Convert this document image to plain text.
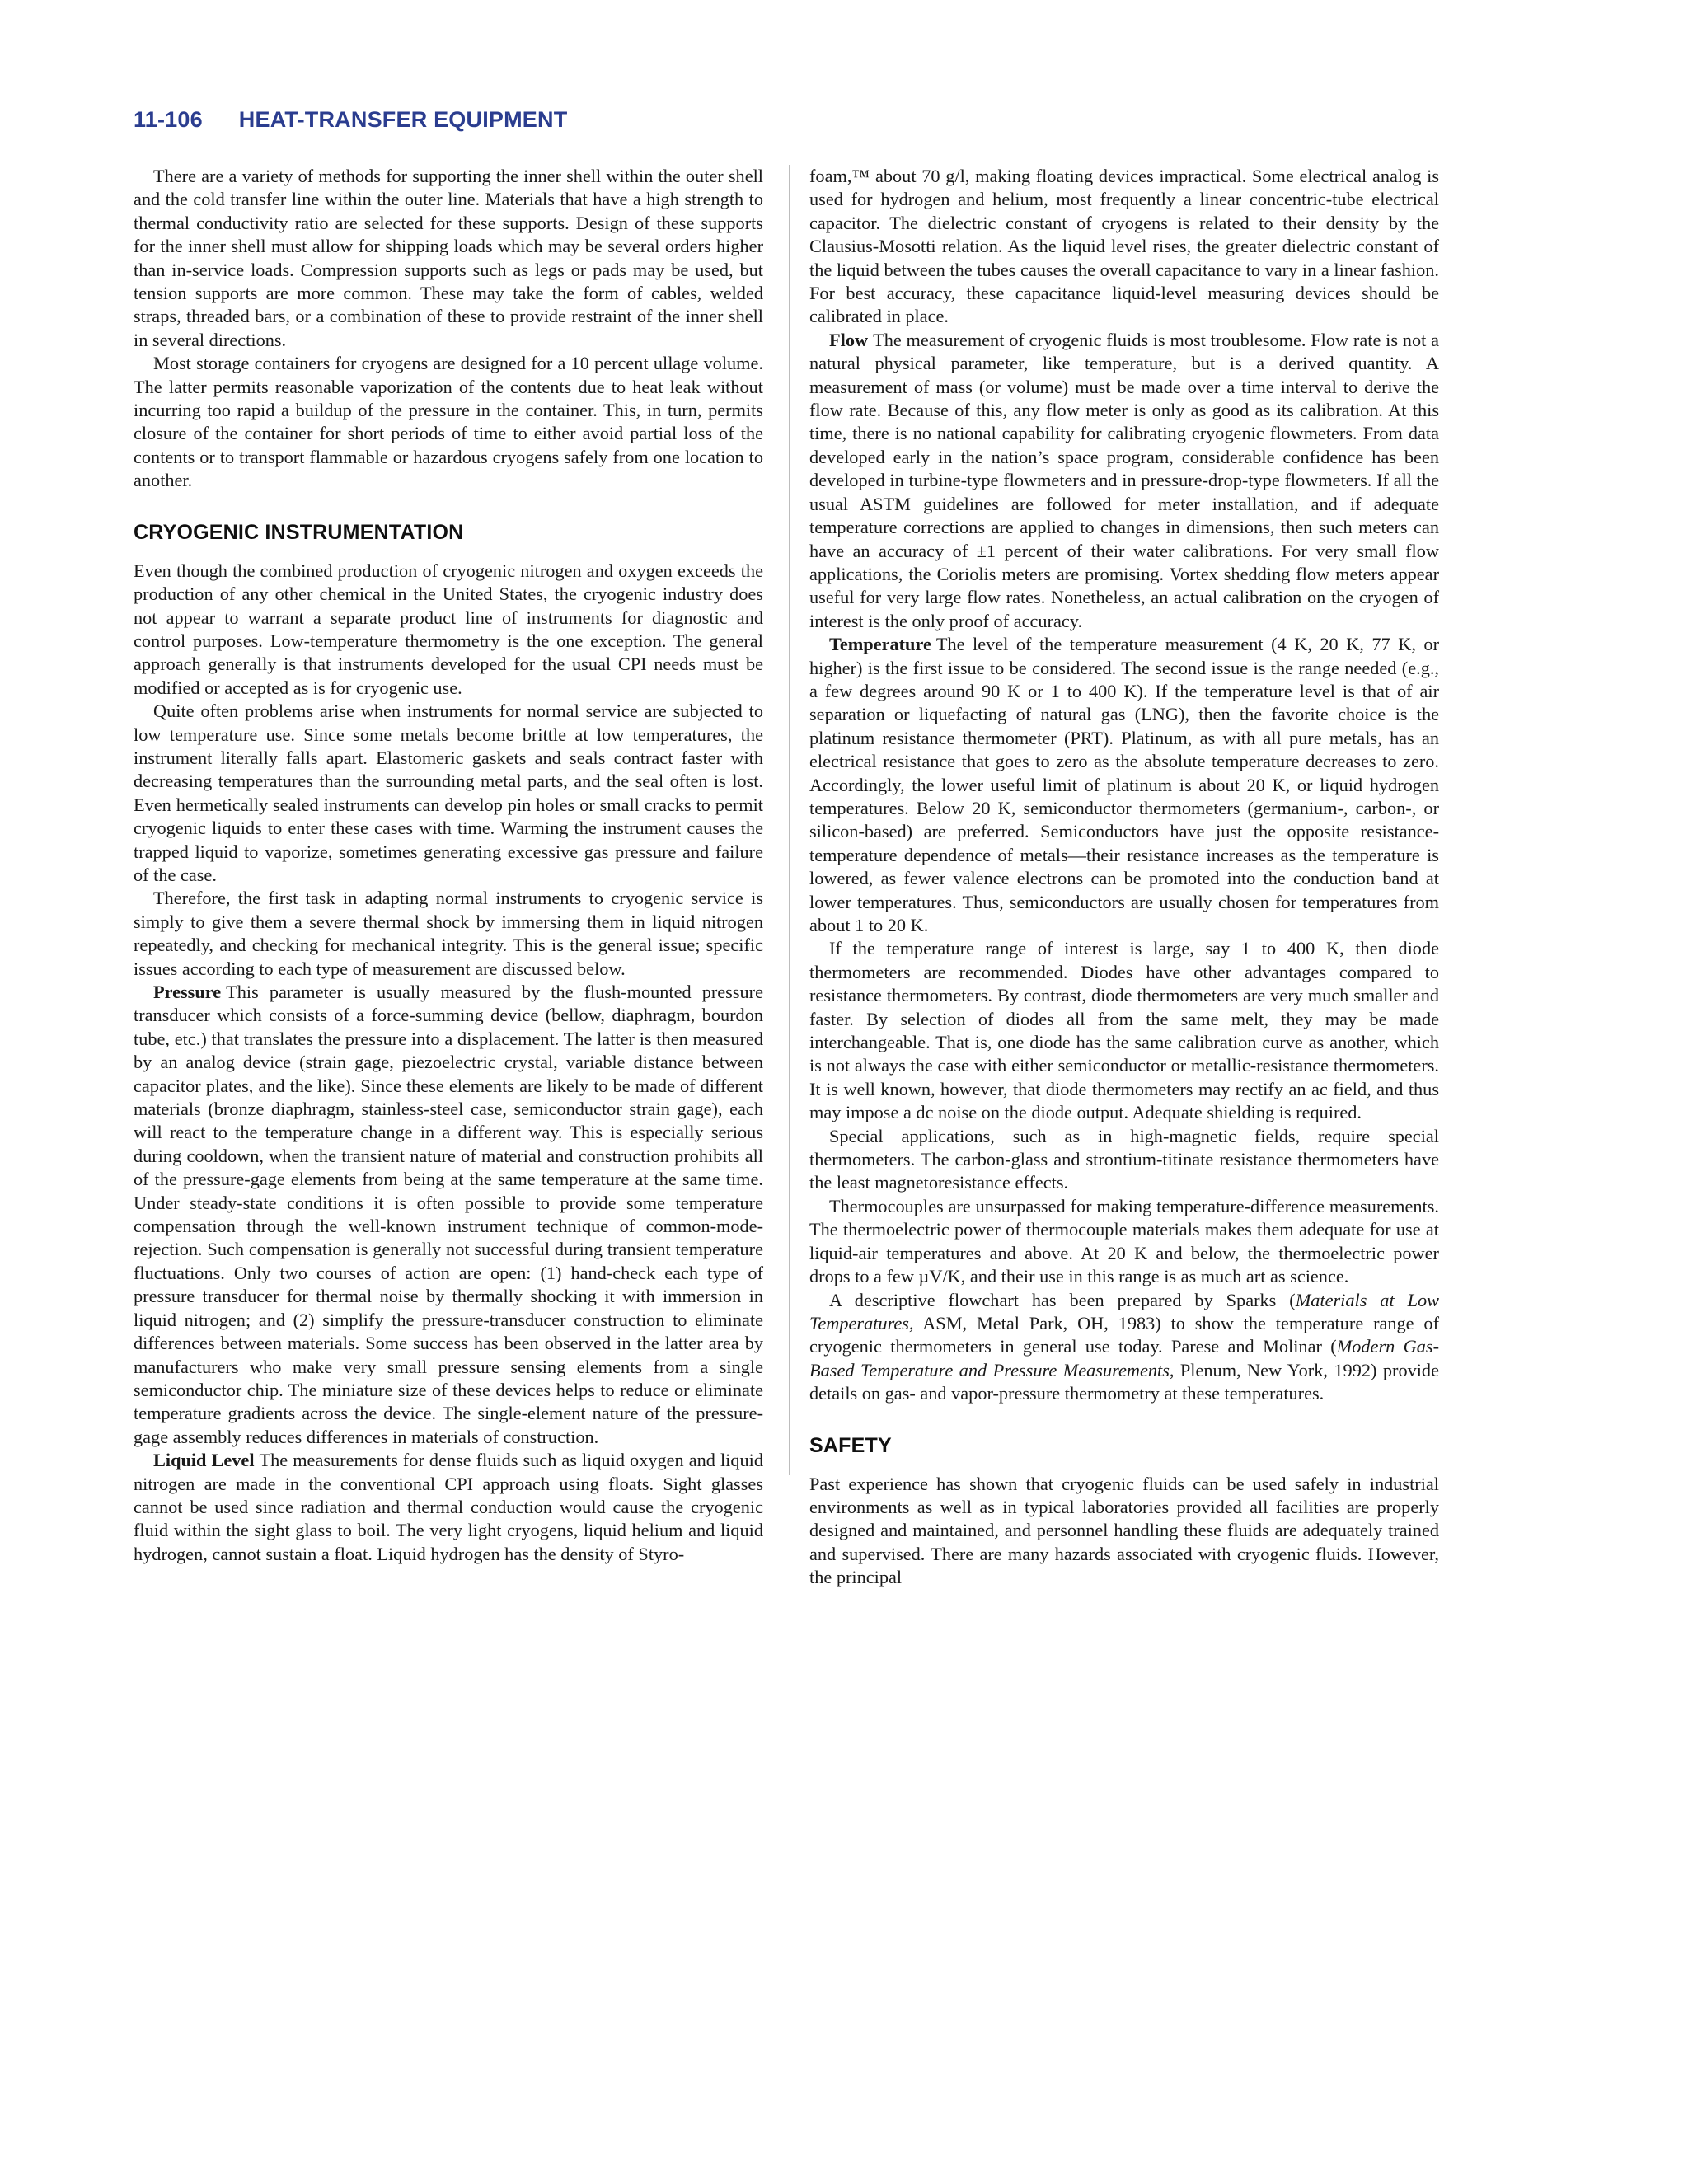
11-106 HEAT-TRANSFER EQUIPMENT

There are a variety of methods for supporting the inner shell within the outer shell and the cold transfer line within the outer line. Materials that have a high strength to thermal conductivity ratio are selected for these supports. Design of these supports for the inner shell must allow for shipping loads which may be several orders higher than in-service loads. Compression supports such as legs or pads may be used, but tension supports are more common. These may take the form of cables, welded straps, threaded bars, or a combination of these to provide restraint of the inner shell in several directions.

Most storage containers for cryogens are designed for a 10 percent ullage volume. The latter permits reasonable vaporization of the contents due to heat leak without incurring too rapid a buildup of the pressure in the container. This, in turn, permits closure of the container for short periods of time to either avoid partial loss of the contents or to transport flammable or hazardous cryogens safely from one location to another.

CRYOGENIC INSTRUMENTATION

Even though the combined production of cryogenic nitrogen and oxygen exceeds the production of any other chemical in the United States, the cryogenic industry does not appear to warrant a separate product line of instruments for diagnostic and control purposes. Low-temperature thermometry is the one exception. The general approach generally is that instruments developed for the usual CPI needs must be modified or accepted as is for cryogenic use.

Quite often problems arise when instruments for normal service are subjected to low temperature use. Since some metals become brittle at low temperatures, the instrument literally falls apart. Elastomeric gaskets and seals contract faster with decreasing temperatures than the surrounding metal parts, and the seal often is lost. Even hermetically sealed instruments can develop pin holes or small cracks to permit cryogenic liquids to enter these cases with time. Warming the instrument causes the trapped liquid to vaporize, sometimes generating excessive gas pressure and failure of the case.

Therefore, the first task in adapting normal instruments to cryogenic service is simply to give them a severe thermal shock by immersing them in liquid nitrogen repeatedly, and checking for mechanical integrity. This is the general issue; specific issues according to each type of measurement are discussed below.

Pressure This parameter is usually measured by the flush-mounted pressure transducer which consists of a force-summing device (bellow, diaphragm, bourdon tube, etc.) that translates the pressure into a displacement. The latter is then measured by an analog device (strain gage, piezoelectric crystal, variable distance between capacitor plates, and the like). Since these elements are likely to be made of different materials (bronze diaphragm, stainless-steel case, semiconductor strain gage), each will react to the temperature change in a different way. This is especially serious during cooldown, when the transient nature of material and construction prohibits all of the pressure-gage elements from being at the same temperature at the same time. Under steady-state conditions it is often possible to provide some temperature compensation through the well-known instrument technique of common-mode-rejection. Such compensation is generally not successful during transient temperature fluctuations. Only two courses of action are open: (1) hand-check each type of pressure transducer for thermal noise by thermally shocking it with immersion in liquid nitrogen; and (2) simplify the pressure-transducer construction to eliminate differences between materials. Some success has been observed in the latter area by manufacturers who make very small pressure sensing elements from a single semiconductor chip. The miniature size of these devices helps to reduce or eliminate temperature gradients across the device. The single-element nature of the pressure-gage assembly reduces differences in materials of construction.

Liquid Level The measurements for dense fluids such as liquid oxygen and liquid nitrogen are made in the conventional CPI approach using floats. Sight glasses cannot be used since radiation and thermal conduction would cause the cryogenic fluid within the sight glass to boil. The very light cryogens, liquid helium and liquid hydrogen, cannot sustain a float. Liquid hydrogen has the density of Styro-

foam,™ about 70 g/l, making floating devices impractical. Some electrical analog is used for hydrogen and helium, most frequently a linear concentric-tube electrical capacitor. The dielectric constant of cryogens is related to their density by the Clausius-Mosotti relation. As the liquid level rises, the greater dielectric constant of the liquid between the tubes causes the overall capacitance to vary in a linear fashion. For best accuracy, these capacitance liquid-level measuring devices should be calibrated in place.

Flow The measurement of cryogenic fluids is most troublesome. Flow rate is not a natural physical parameter, like temperature, but is a derived quantity. A measurement of mass (or volume) must be made over a time interval to derive the flow rate. Because of this, any flow meter is only as good as its calibration. At this time, there is no national capability for calibrating cryogenic flowmeters. From data developed early in the nation’s space program, considerable confidence has been developed in turbine-type flowmeters and in pressure-drop-type flowmeters. If all the usual ASTM guidelines are followed for meter installation, and if adequate temperature corrections are applied to changes in dimensions, then such meters can have an accuracy of ±1 percent of their water calibrations. For very small flow applications, the Coriolis meters are promising. Vortex shedding flow meters appear useful for very large flow rates. Nonetheless, an actual calibration on the cryogen of interest is the only proof of accuracy.

Temperature The level of the temperature measurement (4 K, 20 K, 77 K, or higher) is the first issue to be considered. The second issue is the range needed (e.g., a few degrees around 90 K or 1 to 400 K). If the temperature level is that of air separation or liquefacting of natural gas (LNG), then the favorite choice is the platinum resistance thermometer (PRT). Platinum, as with all pure metals, has an electrical resistance that goes to zero as the absolute temperature decreases to zero. Accordingly, the lower useful limit of platinum is about 20 K, or liquid hydrogen temperatures. Below 20 K, semiconductor thermometers (germanium-, carbon-, or silicon-based) are preferred. Semiconductors have just the opposite resistance-temperature dependence of metals—their resistance increases as the temperature is lowered, as fewer valence electrons can be promoted into the conduction band at lower temperatures. Thus, semiconductors are usually chosen for temperatures from about 1 to 20 K.

If the temperature range of interest is large, say 1 to 400 K, then diode thermometers are recommended. Diodes have other advantages compared to resistance thermometers. By contrast, diode thermometers are very much smaller and faster. By selection of diodes all from the same melt, they may be made interchangeable. That is, one diode has the same calibration curve as another, which is not always the case with either semiconductor or metallic-resistance thermometers. It is well known, however, that diode thermometers may rectify an ac field, and thus may impose a dc noise on the diode output. Adequate shielding is required.

Special applications, such as in high-magnetic fields, require special thermometers. The carbon-glass and strontium-titinate resistance thermometers have the least magnetoresistance effects.

Thermocouples are unsurpassed for making temperature-difference measurements. The thermoelectric power of thermocouple materials makes them adequate for use at liquid-air temperatures and above. At 20 K and below, the thermoelectric power drops to a few µV/K, and their use in this range is as much art as science.

A descriptive flowchart has been prepared by Sparks (Materials at Low Temperatures, ASM, Metal Park, OH, 1983) to show the temperature range of cryogenic thermometers in general use today. Parese and Molinar (Modern Gas-Based Temperature and Pressure Measurements, Plenum, New York, 1992) provide details on gas- and vapor-pressure thermometry at these temperatures.

SAFETY

Past experience has shown that cryogenic fluids can be used safely in industrial environments as well as in typical laboratories provided all facilities are properly designed and maintained, and personnel handling these fluids are adequately trained and supervised. There are many hazards associated with cryogenic fluids. However, the principal
